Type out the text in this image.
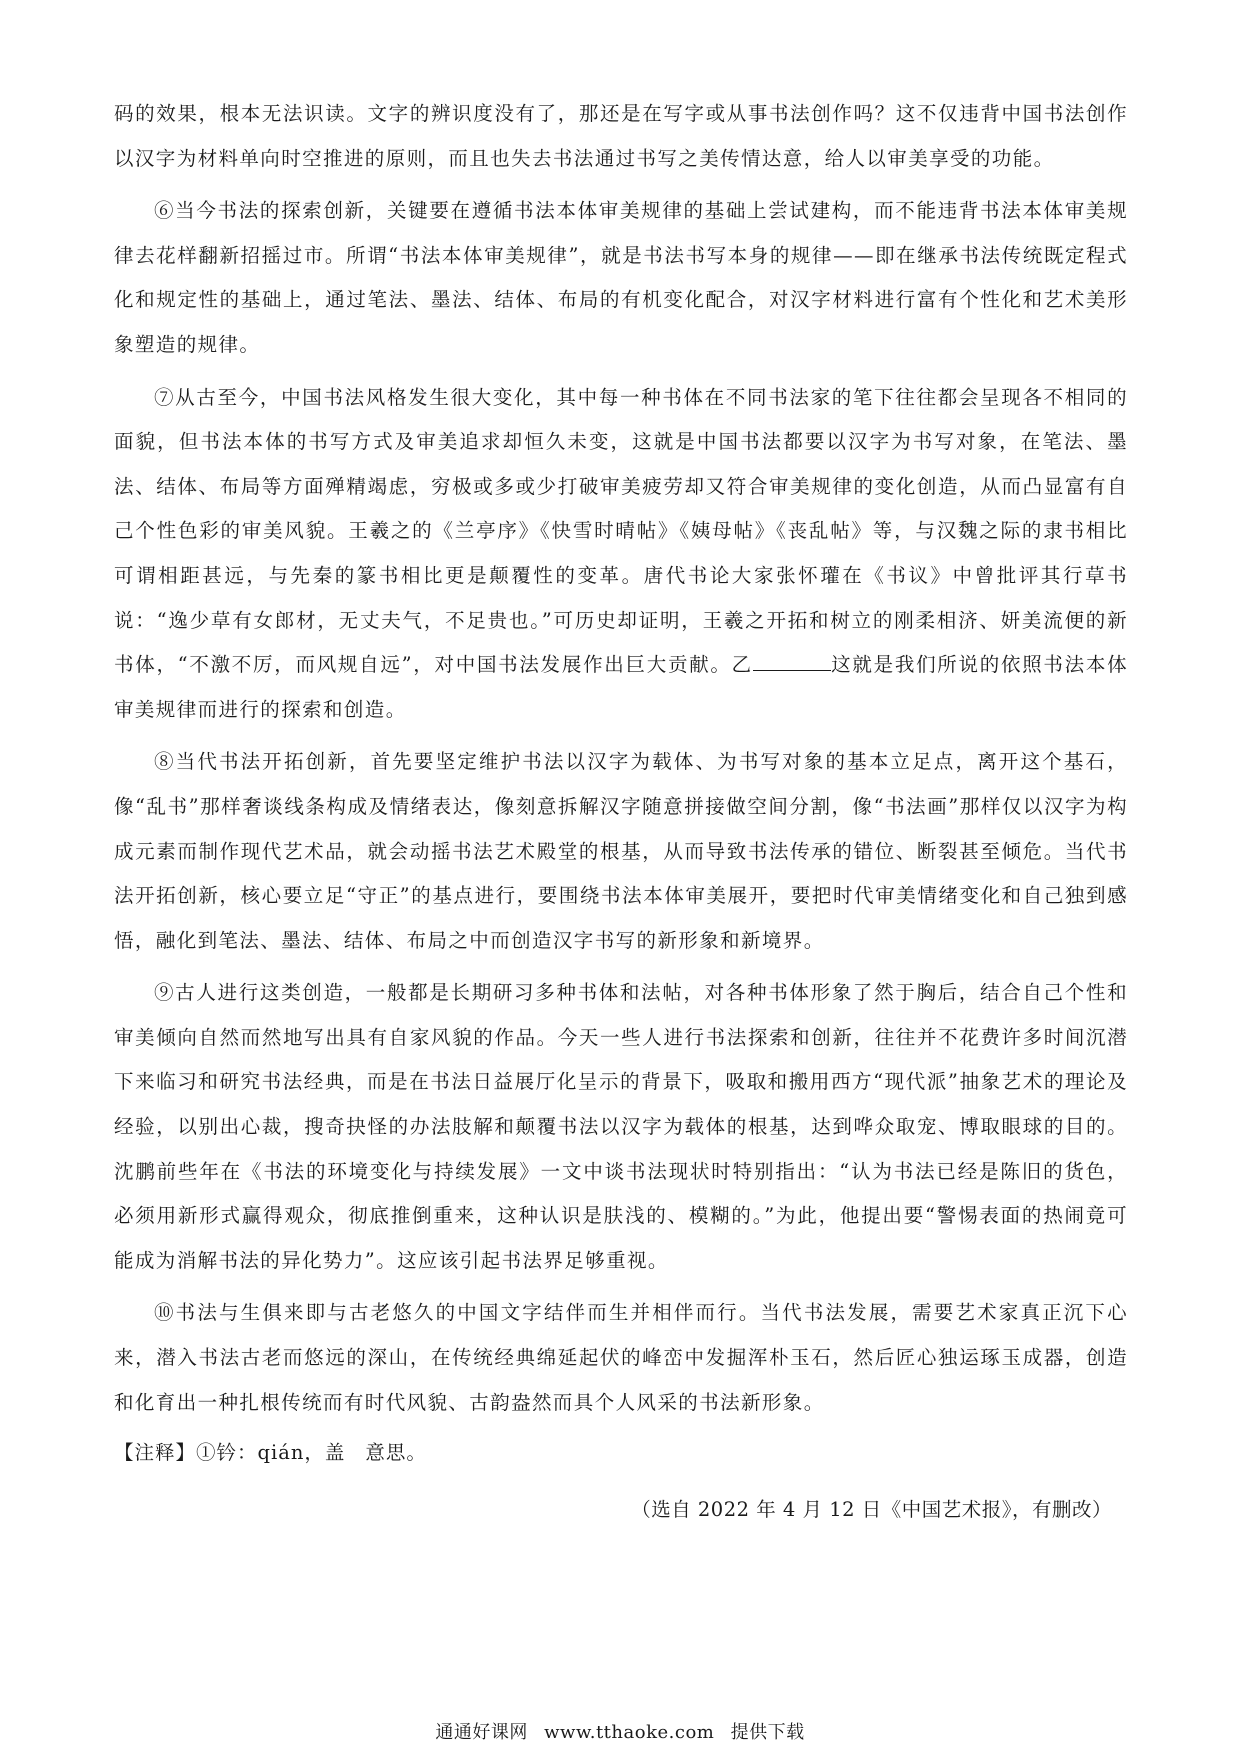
码的效果，根本无法识读。文字的辨识度没有了，那还是在写字或从事书法创作吗？这不仅违背中国书法创作以汉字为材料单向时空推进的原则，而且也失去书法通过书写之美传情达意，给人以审美享受的功能。

⑥当今书法的探索创新，关键要在遵循书法本体审美规律的基础上尝试建构，而不能违背书法本体审美规律去花样翻新招摇过市。所谓“书法本体审美规律”，就是书法书写本身的规律——即在继承书法传统既定程式化和规定性的基础上，通过笔法、墨法、结体、布局的有机变化配合，对汉字材料进行富有个性化和艺术美形象塑造的规律。

⑦从古至今，中国书法风格发生很大变化，其中每一种书体在不同书法家的笔下往往都会呈现各不相同的面貌，但书法本体的书写方式及审美追求却恒久未变，这就是中国书法都要以汉字为书写对象，在笔法、墨法、结体、布局等方面殚精竭虑，穷极或多或少打破审美疲劳却又符合审美规律的变化创造，从而凸显富有自己个性色彩的审美风貌。王羲之的《兰亭序》《快雪时晴帖》《姨母帖》《丧乱帖》等，与汉魏之际的隶书相比可谓相距甚远，与先秦的篆书相比更是颠覆性的变革。唐代书论大家张怀瓘在《书议》中曾批评其行草书说：“逸少草有女郎材，无丈夫气，不足贵也。”可历史却证明，王羲之开拓和树立的刚柔相济、妍美流便的新书体，“不激不厉，而风规自远”，对中国书法发展作出巨大贡献。乙	这就是我们所说的依照书法本体审美规律而进行的探索和创造。

⑧当代书法开拓创新，首先要坚定维护书法以汉字为载体、为书写对象的基本立足点，离开这个基石，像“乱书”那样奢谈线条构成及情绪表达，像刻意拆解汉字随意拼接做空间分割，像“书法画”那样仅以汉字为构成元素而制作现代艺术品，就会动摇书法艺术殿堂的根基，从而导致书法传承的错位、断裂甚至倾危。当代书法开拓创新，核心要立足“守正”的基点进行，要围绕书法本体审美展开，要把时代审美情绪变化和自己独到感悟，融化到笔法、墨法、结体、布局之中而创造汉字书写的新形象和新境界。

⑨古人进行这类创造，一般都是长期研习多种书体和法帖，对各种书体形象了然于胸后，结合自己个性和审美倾向自然而然地写出具有自家风貌的作品。今天一些人进行书法探索和创新，往往并不花费许多时间沉潜下来临习和研究书法经典，而是在书法日益展厅化呈示的背景下，吸取和搬用西方“现代派”抽象艺术的理论及经验，以别出心裁，搜奇抉怪的办法肢解和颠覆书法以汉字为载体的根基，达到哗众取宠、博取眼球的目的。沈鹏前些年在《书法的环境变化与持续发展》一文中谈书法现状时特别指出：“认为书法已经是陈旧的货色，必须用新形式赢得观众，彻底推倒重来，这种认识是肤浅的、模糊的。”为此，他提出要“警惕表面的热闹竟可能成为消解书法的异化势力”。这应该引起书法界足够重视。

⑩书法与生俱来即与古老悠久的中国文字结伴而生并相伴而行。当代书法发展，需要艺术家真正沉下心来，潜入书法古老而悠远的深山，在传统经典绵延起伏的峰峦中发掘浑朴玉石，然后匠心独运琢玉成器，创造和化育出一种扎根传统而有时代风貌、古韵盎然而具个人风采的书法新形象。

【注释】①钤：qián，盖 意思。

（选自 2022 年 4 月 12 日《中国艺术报》，有删改）

通通好课网 www.tthaoke.com 提供下载
